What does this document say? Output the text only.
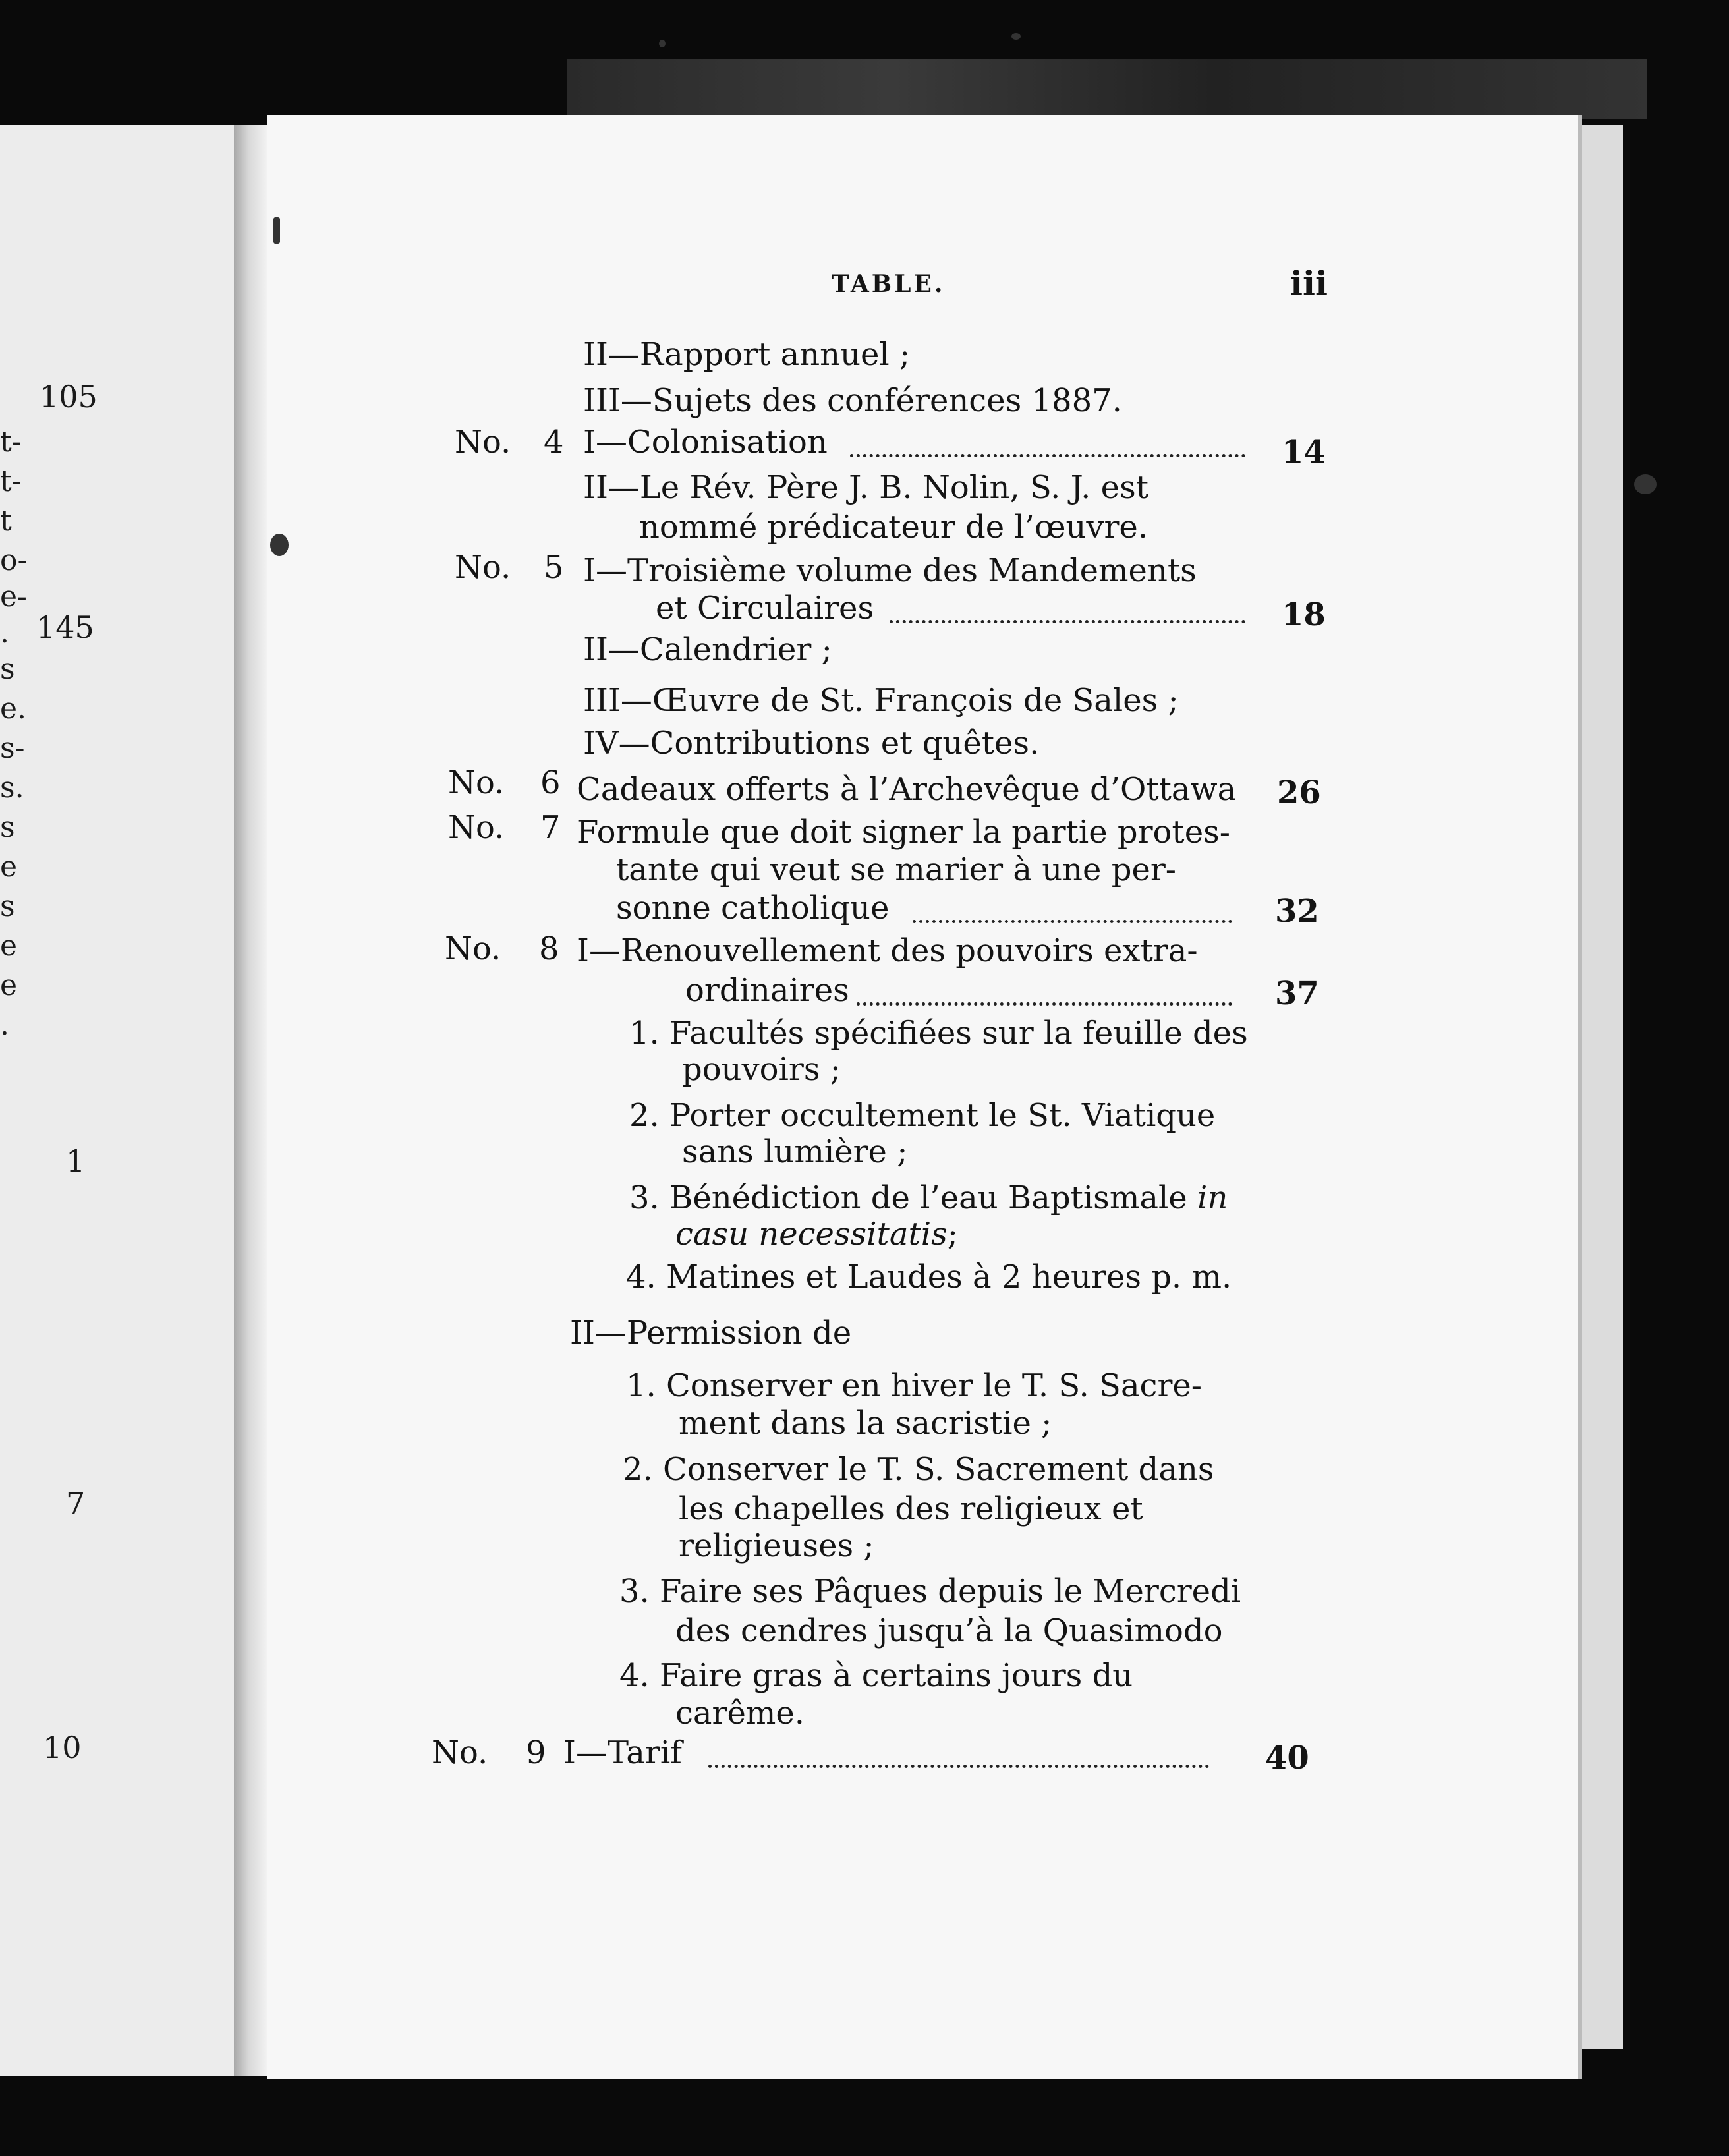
105
145
1
7
10
t-
t-
t
o-
e-
.
s
e.
s-
s.
s
e
s
e
e
.
TABLE.	iii
II—Rapport annuel ;
III—Sujets des conférences 1887.
No. 4 I—Colonisation	14
II—Le Rév. Père J. B. Nolin, S. J. est
nommé prédicateur de l’œuvre.
No. 5 I—Troisième volume des Mandements
et Circulaires	18
II—Calendrier ;
III—Œuvre de St. François de Sales ;
IV—Contributions et quêtes.
No. 6 Cadeaux offerts à l’Archevêque d’Ottawa 26
No. 7 Formule que doit signer la partie protes-
tante qui veut se marier à une per-
sonne catholique	32
No. 8 I—Renouvellement des pouvoirs extra-
ordinaires	37
1. Facultés spécifiées sur la feuille des
pouvoirs ;
2. Porter occultement le St. Viatique
sans lumière ;
3. Bénédiction de l’eau Baptismale in
casu necessitatis;
4. Matines et Laudes à 2 heures p. m.
II—Permission de
1. Conserver en hiver le T. S. Sacre-
ment dans la sacristie ;
2. Conserver le T. S. Sacrement dans
les chapelles des religieux et
religieuses ;
3. Faire ses Pâques depuis le Mercredi
des cendres jusqu’à la Quasimodo
4. Faire gras à certains jours du
carême.
No. 9 I—Tarif	40
